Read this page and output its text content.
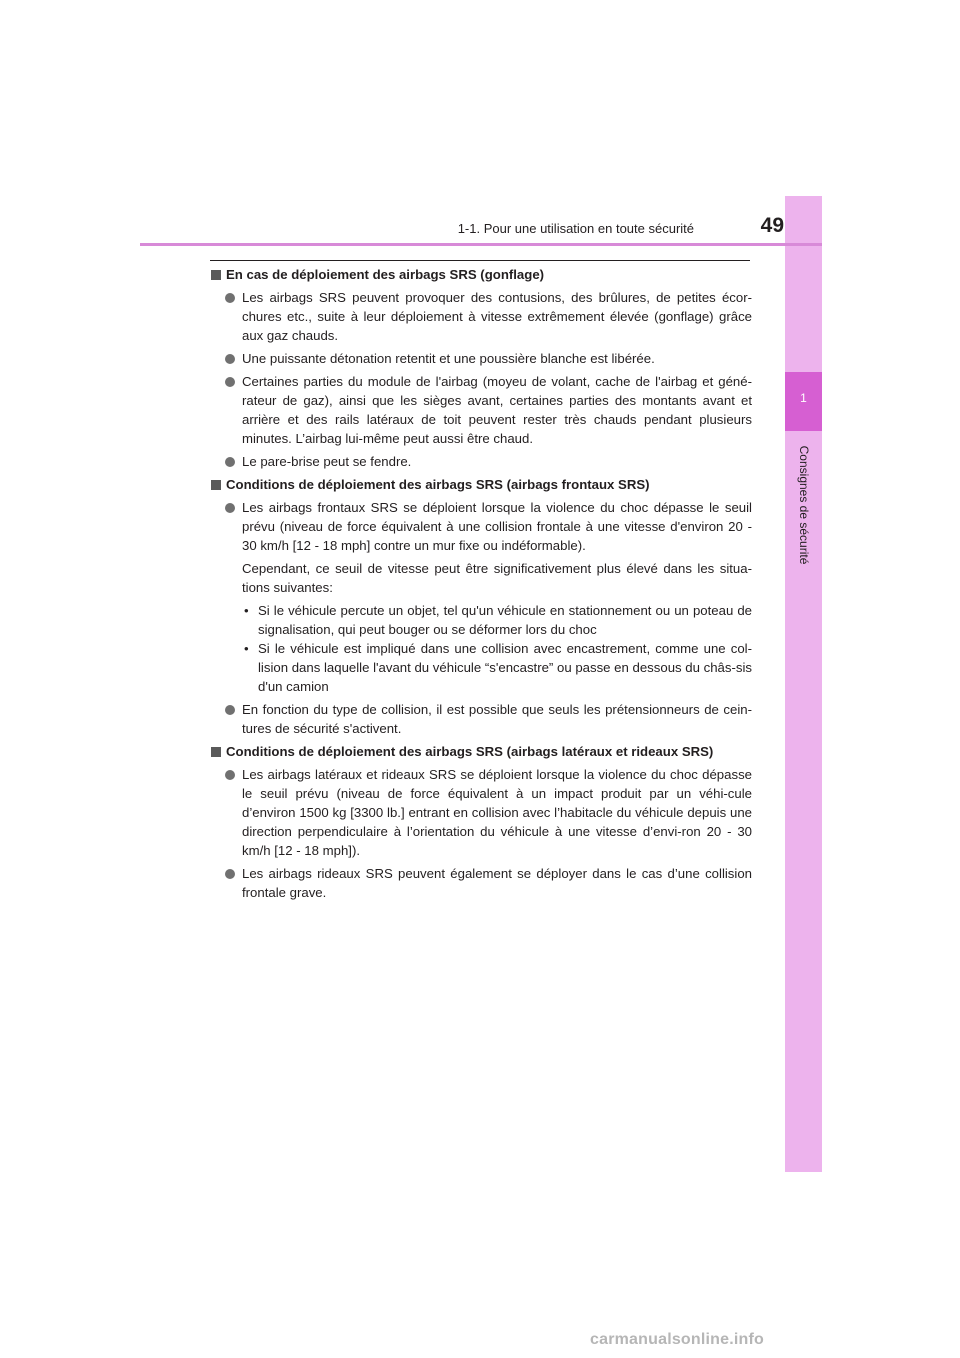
1
Consignes de sécurité
1-1. Pour une utilisation en toute sécurité	49
En cas de déploiement des airbags SRS (gonflage)
Les airbags SRS peuvent provoquer des contusions, des brûlures, de petites écor-chures etc., suite à leur déploiement à vitesse extrêmement élevée (gonflage) grâce aux gaz chauds.
Une puissante détonation retentit et une poussière blanche est libérée.
Certaines parties du module de l'airbag (moyeu de volant, cache de l'airbag et géné-rateur de gaz), ainsi que les sièges avant, certaines parties des montants avant et arrière et des rails latéraux de toit peuvent rester très chauds pendant plusieurs minutes. L’airbag lui-même peut aussi être chaud.
Le pare-brise peut se fendre.
Conditions de déploiement des airbags SRS (airbags frontaux SRS)
Les airbags frontaux SRS se déploient lorsque la violence du choc dépasse le seuil prévu (niveau de force équivalent à une collision frontale à une vitesse d'environ 20 - 30 km/h [12 - 18 mph] contre un mur fixe ou indéformable).
Cependant, ce seuil de vitesse peut être significativement plus élevé dans les situa-tions suivantes:
• Si le véhicule percute un objet, tel qu'un véhicule en stationnement ou un poteau de signalisation, qui peut bouger ou se déformer lors du choc
• Si le véhicule est impliqué dans une collision avec encastrement, comme une col-lision dans laquelle l'avant du véhicule “s'encastre” ou passe en dessous du châs-sis d'un camion
En fonction du type de collision, il est possible que seuls les prétensionneurs de cein-tures de sécurité s'activent.
Conditions de déploiement des airbags SRS (airbags latéraux et rideaux SRS)
Les airbags latéraux et rideaux SRS se déploient lorsque la violence du choc dépasse le seuil prévu (niveau de force équivalent à un impact produit par un véhi-cule d’environ 1500 kg [3300 lb.] entrant en collision avec l’habitacle du véhicule depuis une direction perpendiculaire à l’orientation du véhicule à une vitesse d’envi-ron 20 - 30 km/h [12 - 18 mph]).
Les airbags rideaux SRS peuvent également se déployer dans le cas d’une collision frontale grave.
carmanualsonline.info
